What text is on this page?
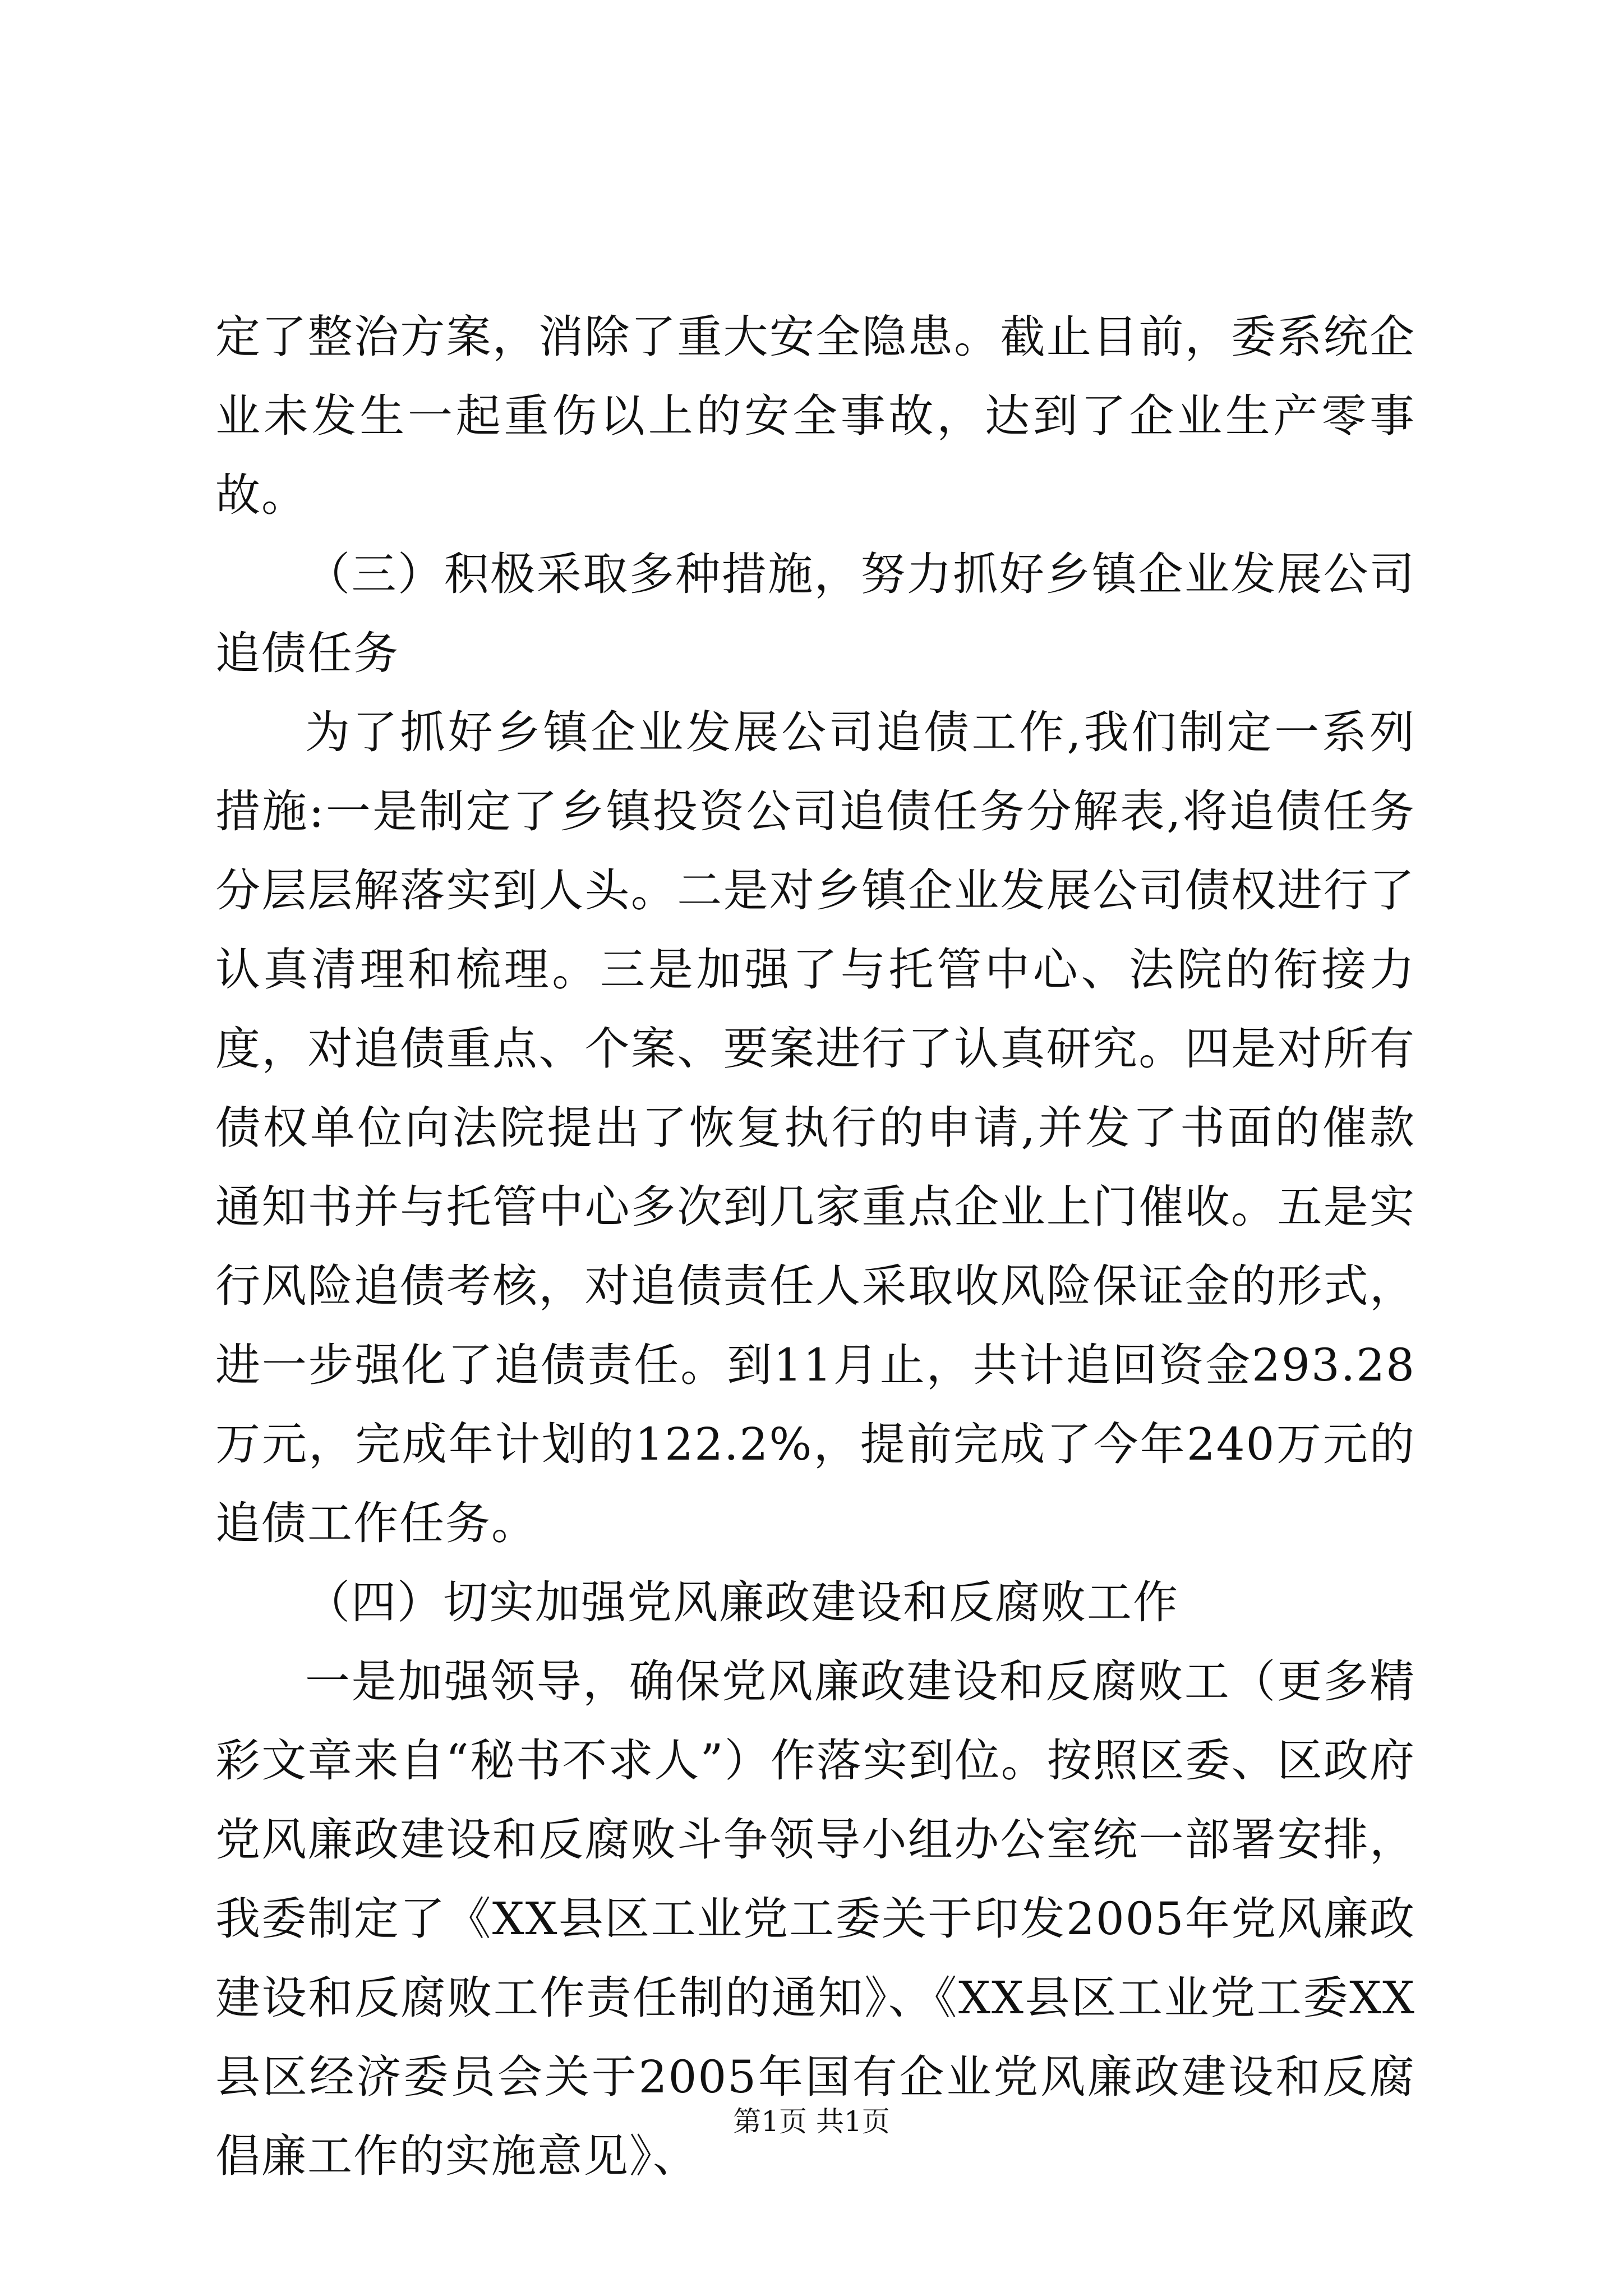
定了整治方案，消除了重大安全隐患。截止目前，委系统企业未发生一起重伤以上的安全事故，达到了企业生产零事故。

（三）积极采取多种措施，努力抓好乡镇企业发展公司追债任务

为了抓好乡镇企业发展公司追债工作,我们制定一系列措施:一是制定了乡镇投资公司追债任务分解表,将追债任务分层层解落实到人头。二是对乡镇企业发展公司债权进行了认真清理和梳理。三是加强了与托管中心、法院的衔接力度，对追债重点、个案、要案进行了认真研究。四是对所有债权单位向法院提出了恢复执行的申请,并发了书面的催款通知书并与托管中心多次到几家重点企业上门催收。五是实行风险追债考核，对追债责任人采取收风险保证金的形式，进一步强化了追债责任。到11月止，共计追回资金293.28万元，完成年计划的122.2%，提前完成了今年240万元的追债工作任务。

（四）切实加强党风廉政建设和反腐败工作

一是加强领导，确保党风廉政建设和反腐败工（更多精彩文章来自“秘书不求人”）作落实到位。按照区委、区政府党风廉政建设和反腐败斗争领导小组办公室统一部署安排，我委制定了《XX县区工业党工委关于印发2005年党风廉政建设和反腐败工作责任制的通知》、《XX县区工业党工委XX县区经济委员会关于2005年国有企业党风廉政建设和反腐倡廉工作的实施意见》、

第1页 共1页
